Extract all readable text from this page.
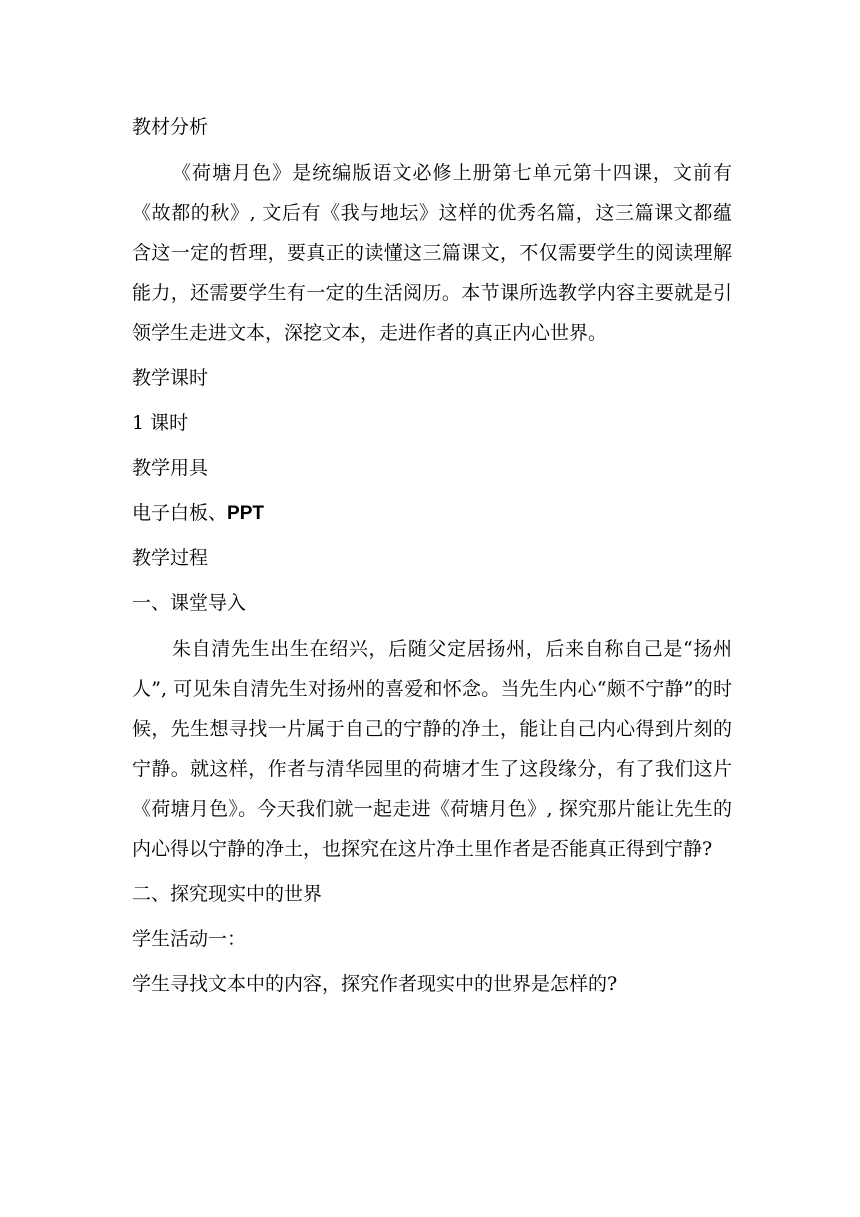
教材分析

《荷塘月色》是统编版语文必修上册第七单元第十四课，文前有《故都的秋》, 文后有《我与地坛》这样的优秀名篇，这三篇课文都蕴含这一定的哲理，要真正的读懂这三篇课文，不仅需要学生的阅读理解能力，还需要学生有一定的生活阅历。本节课所选教学内容主要就是引领学生走进文本，深挖文本，走进作者的真正内心世界。

教学课时
1 课时
教学用具
电子白板、PPT
教学过程
一、课堂导入

朱自清先生出生在绍兴，后随父定居扬州，后来自称自己是“扬州人”, 可见朱自清先生对扬州的喜爱和怀念。当先生内心“颇不宁静”的时候，先生想寻找一片属于自己的宁静的净土，能让自己内心得到片刻的宁静。就这样，作者与清华园里的荷塘才生了这段缘分，有了我们这片《荷塘月色》。今天我们就一起走进《荷塘月色》, 探究那片能让先生的内心得以宁静的净土，也探究在这片净土里作者是否能真正得到宁静?

二、探究现实中的世界
学生活动一：
学生寻找文本中的内容，探究作者现实中的世界是怎样的?
